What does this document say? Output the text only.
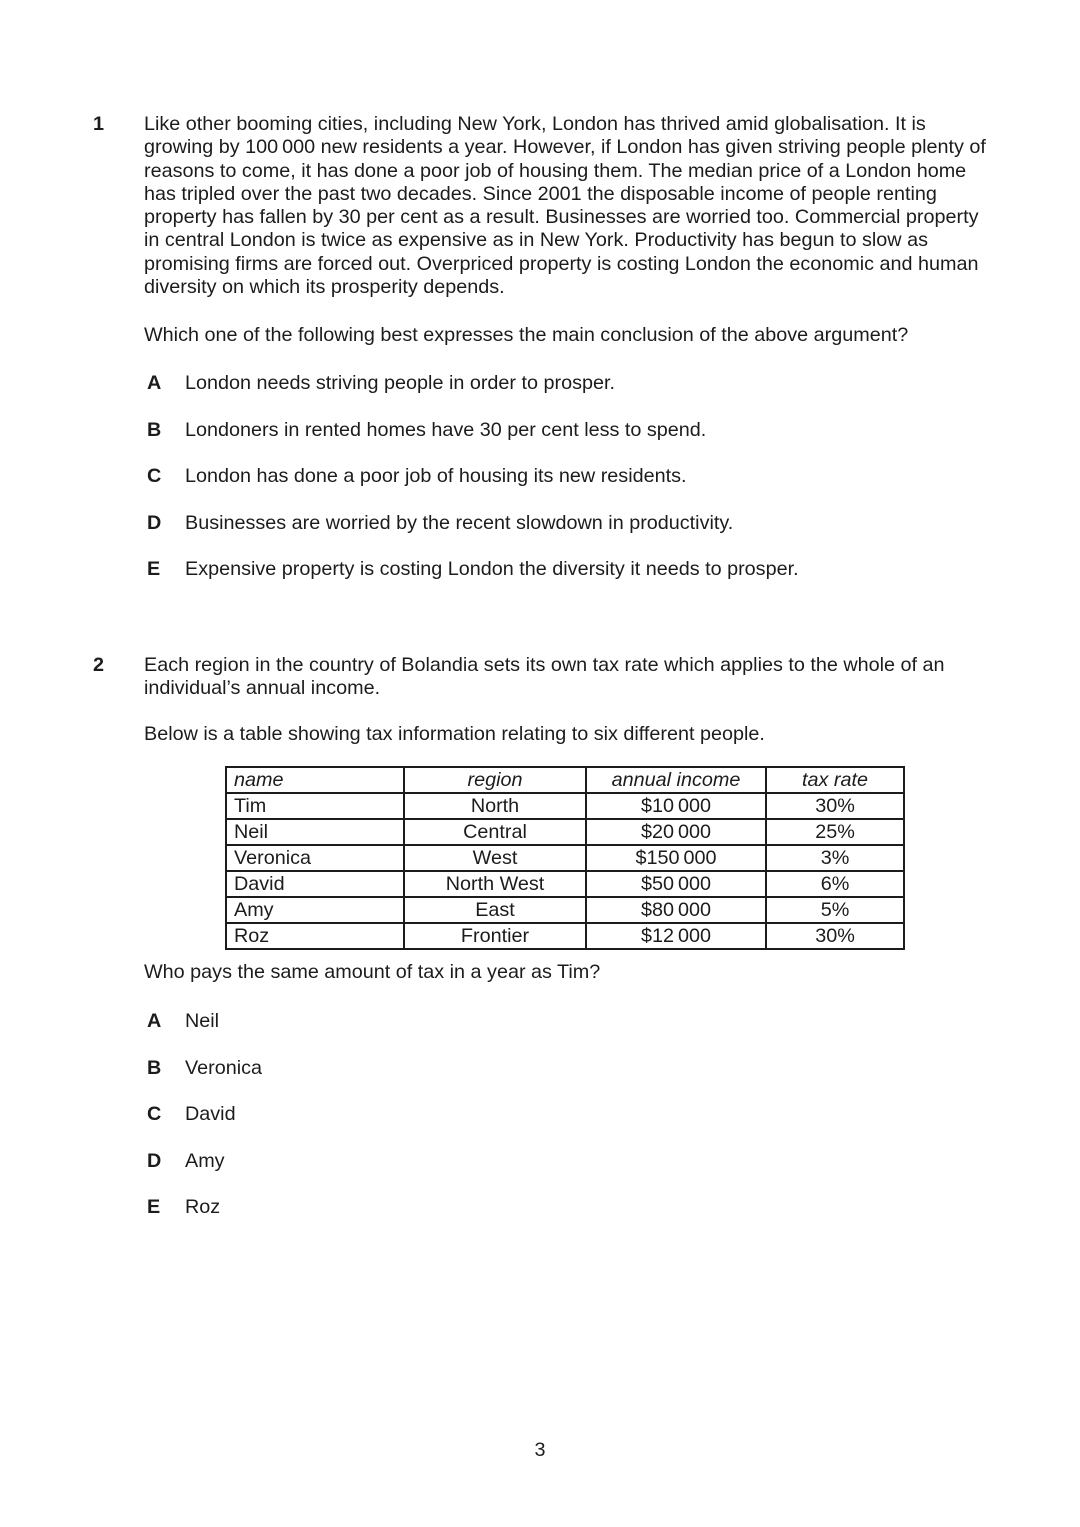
1 Like other booming cities, including New York, London has thrived amid globalisation. It is growing by 100 000 new residents a year. However, if London has given striving people plenty of reasons to come, it has done a poor job of housing them. The median price of a London home has tripled over the past two decades. Since 2001 the disposable income of people renting property has fallen by 30 per cent as a result. Businesses are worried too. Commercial property in central London is twice as expensive as in New York. Productivity has begun to slow as promising firms are forced out. Overpriced property is costing London the economic and human diversity on which its prosperity depends.
Which one of the following best expresses the main conclusion of the above argument?
A London needs striving people in order to prosper.
B Londoners in rented homes have 30 per cent less to spend.
C London has done a poor job of housing its new residents.
D Businesses are worried by the recent slowdown in productivity.
E Expensive property is costing London the diversity it needs to prosper.
2 Each region in the country of Bolandia sets its own tax rate which applies to the whole of an individual’s annual income.
Below is a table showing tax information relating to six different people.
name	region	annual income	tax rate
Tim	North	$10 000	30%
Neil	Central	$20 000	25%
Veronica	West	$150 000	3%
David	North West	$50 000	6%
Amy	East	$80 000	5%
Roz	Frontier	$12 000	30%
Who pays the same amount of tax in a year as Tim?
A Neil
B Veronica
C David
D Amy
E Roz
3
